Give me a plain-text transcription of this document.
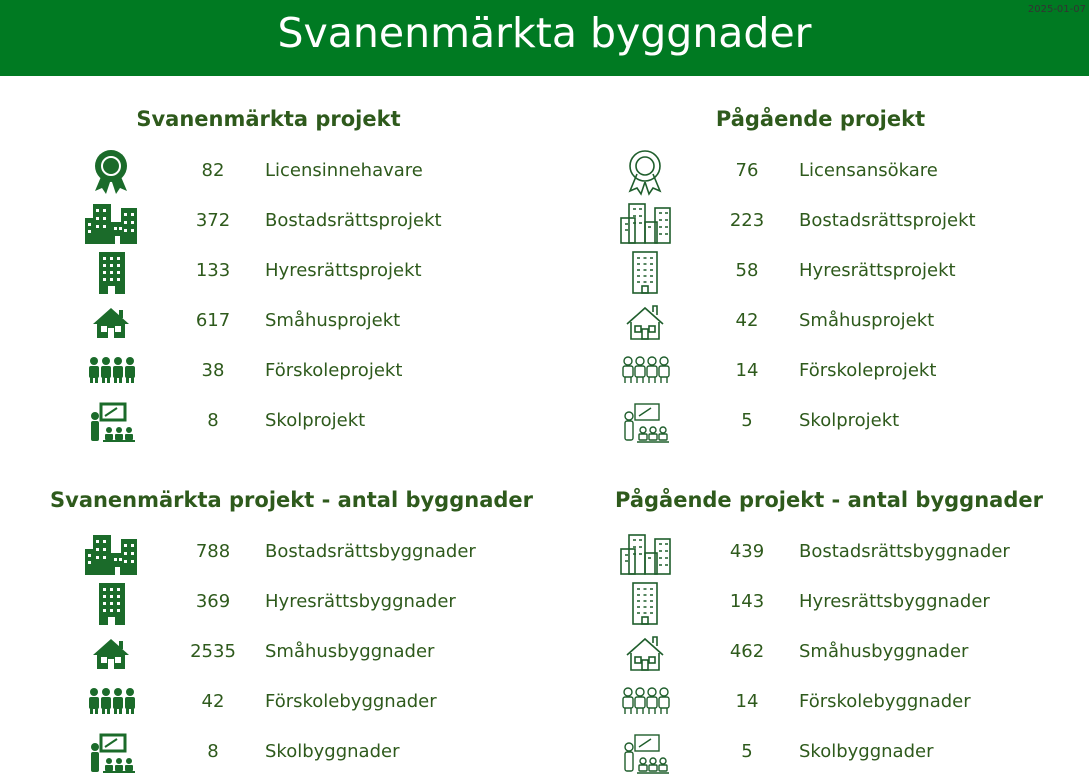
Svanenmärkta byggnader	2025-01-07
Svanenmärkta projekt
82	Licensinnehavare
372	Bostadsrättsprojekt
133	Hyresrättsprojekt
617	Småhusprojekt
38	Förskoleprojekt
8	Skolprojekt
Pågående projekt
76	Licensansökare
223	Bostadsrättsprojekt
58	Hyresrättsprojekt
42	Småhusprojekt
14	Förskoleprojekt
5	Skolprojekt
Svanenmärkta projekt - antal byggnader
788	Bostadsrättsbyggnader
369	Hyresrättsbyggnader
2535	Småhusbyggnader
42	Förskolebyggnader
8	Skolbyggnader
Pågående projekt - antal byggnader
439	Bostadsrättsbyggnader
143	Hyresrättsbyggnader
462	Småhusbyggnader
14	Förskolebyggnader
5	Skolbyggnader
